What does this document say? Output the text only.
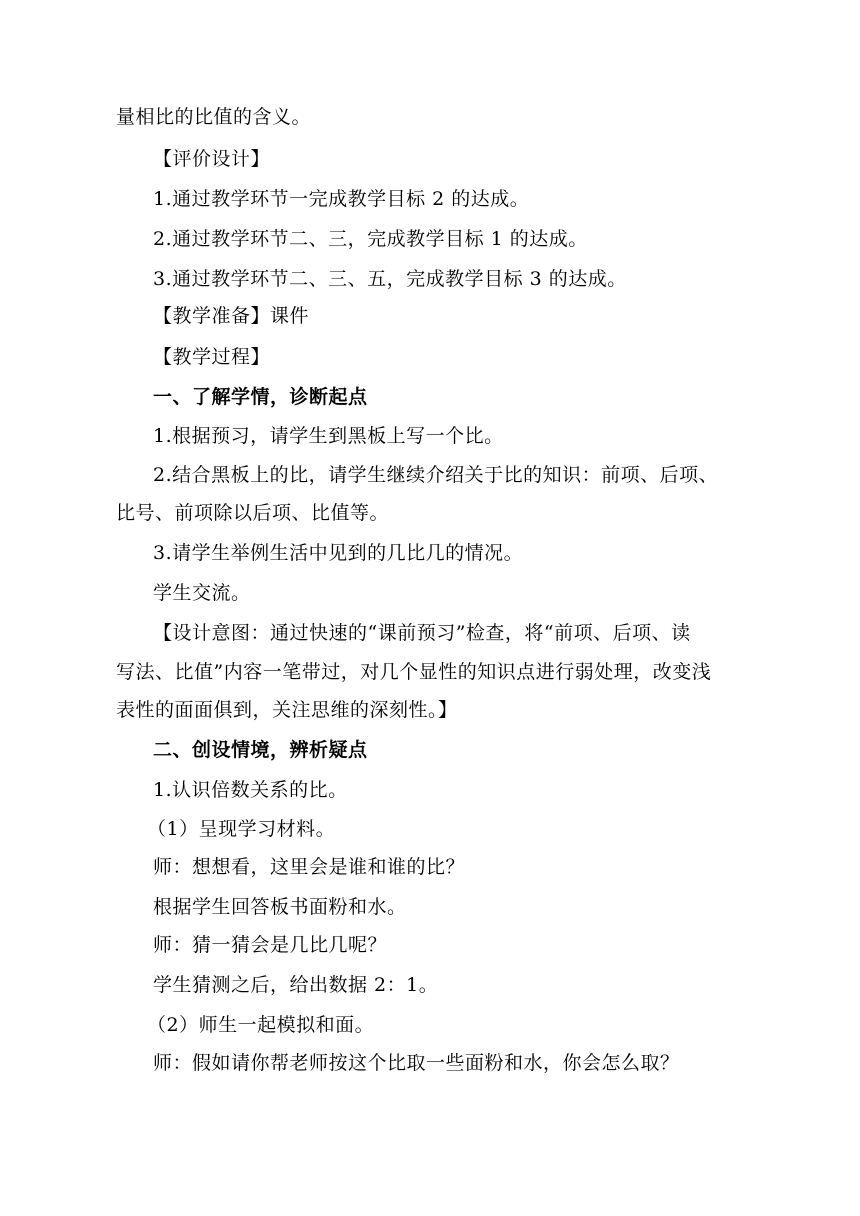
量相比的比值的含义。
【评价设计】
1.通过教学环节一完成教学目标 2 的达成。
2.通过教学环节二、三，完成教学目标 1 的达成。
3.通过教学环节二、三、五，完成教学目标 3 的达成。
【教学准备】课件
【教学过程】
一、了解学情，诊断起点
1.根据预习，请学生到黑板上写一个比。
2.结合黑板上的比，请学生继续介绍关于比的知识：前项、后项、
比号、前项除以后项、比值等。
3.请学生举例生活中见到的几比几的情况。
学生交流。
【设计意图：通过快速的“课前预习”检查，将“前项、后项、读
写法、比值”内容一笔带过，对几个显性的知识点进行弱处理，改变浅
表性的面面俱到，关注思维的深刻性。】
二、创设情境，辨析疑点
1.认识倍数关系的比。
（1）呈现学习材料。
师：想想看，这里会是谁和谁的比？
根据学生回答板书面粉和水。
师：猜一猜会是几比几呢？
学生猜测之后，给出数据 2：1。
（2）师生一起模拟和面。
师：假如请你帮老师按这个比取一些面粉和水，你会怎么取？
